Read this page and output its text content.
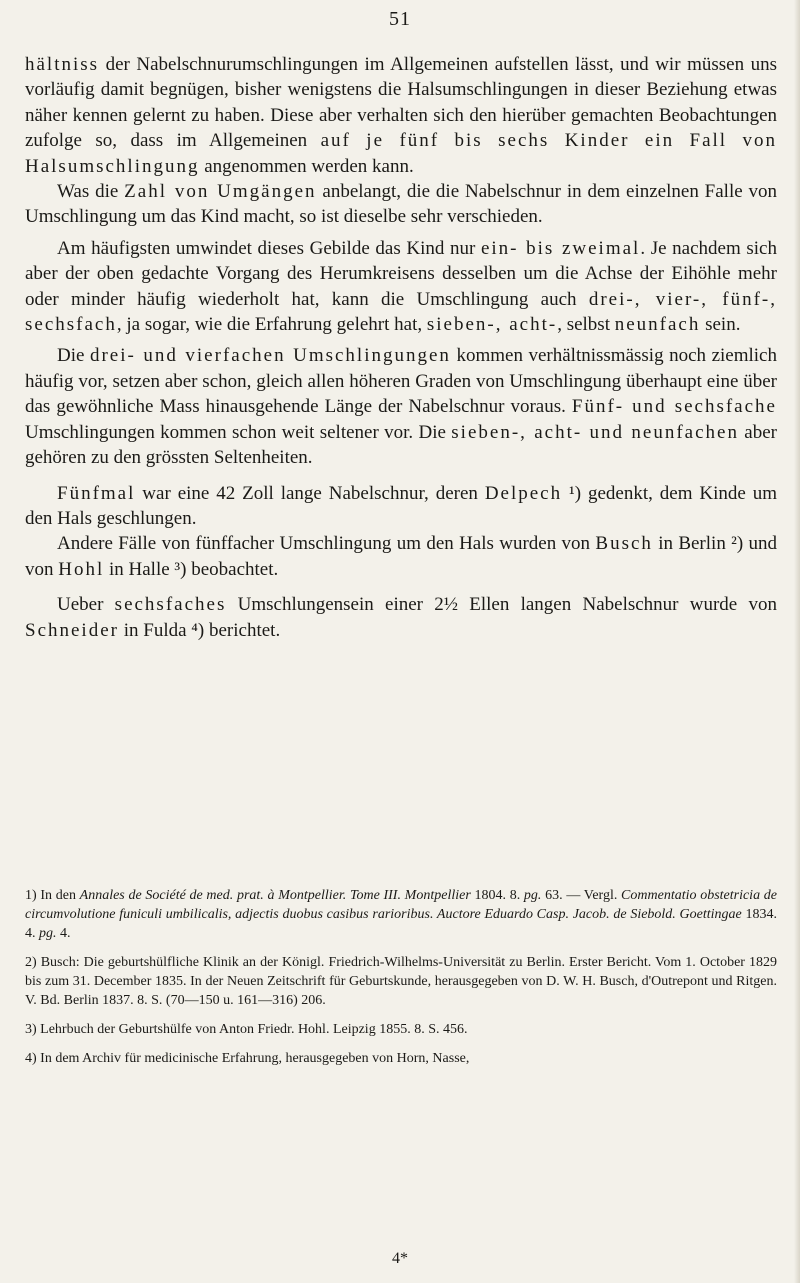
51

hältniss der Nabelschnurumschlingungen im Allgemeinen aufstellen lässt, und wir müssen uns vorläufig damit begnügen, bisher wenigstens die Halsumschlingungen in dieser Beziehung etwas näher kennen gelernt zu haben. Diese aber verhalten sich den hierüber gemachten Beobachtungen zufolge so, dass im Allgemeinen auf je fünf bis sechs Kinder ein Fall von Halsumschlingung angenommen werden kann.

Was die Zahl von Umgängen anbelangt, die die Nabelschnur in dem einzelnen Falle von Umschlingung um das Kind macht, so ist dieselbe sehr verschieden.

Am häufigsten umwindet dieses Gebilde das Kind nur ein- bis zweimal. Je nachdem sich aber der oben gedachte Vorgang des Herumkreisens desselben um die Achse der Eihöhle mehr oder minder häufig wiederholt hat, kann die Umschlingung auch drei-, vier-, fünf-, sechsfach, ja sogar, wie die Erfahrung gelehrt hat, sieben-, acht-, selbst neunfach sein.

Die drei- und vierfachen Umschlingungen kommen verhältnissmässig noch ziemlich häufig vor, setzen aber schon, gleich allen höheren Graden von Umschlingung überhaupt eine über das gewöhnliche Mass hinausgehende Länge der Nabelschnur voraus. Fünf- und sechsfache Umschlingungen kommen schon weit seltener vor. Die sieben-, acht- und neunfachen aber gehören zu den grössten Seltenheiten.

Fünfmal war eine 42 Zoll lange Nabelschnur, deren Delpech ¹) gedenkt, dem Kinde um den Hals geschlungen.

Andere Fälle von fünffacher Umschlingung um den Hals wurden von Busch in Berlin ²) und von Hohl in Halle ³) beobachtet.

Ueber sechsfaches Umschlungensein einer 2½ Ellen langen Nabelschnur wurde von Schneider in Fulda ⁴) berichtet.

1) In den Annales de Société de med. prat. à Montpellier. Tome III. Montpellier 1804. 8. pg. 63. — Vergl. Commentatio obstetricia de circumvolutione funiculi umbilicalis, adjectis duobus casibus rarioribus. Auctore Eduardo Casp. Jacob. de Siebold. Goettingae 1834. 4. pg. 4.

2) Busch: Die geburtshülfliche Klinik an der Königl. Friedrich-Wilhelms-Universität zu Berlin. Erster Bericht. Vom 1. October 1829 bis zum 31. December 1835. In der Neuen Zeitschrift für Geburtskunde, herausgegeben von D. W. H. Busch, d'Outrepont und Ritgen. V. Bd. Berlin 1837. 8. S. (70—150 u. 161—316) 206.

3) Lehrbuch der Geburtshülfe von Anton Friedr. Hohl. Leipzig 1855. 8. S. 456.

4) In dem Archiv für medicinische Erfahrung, herausgegeben von Horn, Nasse,

4*
